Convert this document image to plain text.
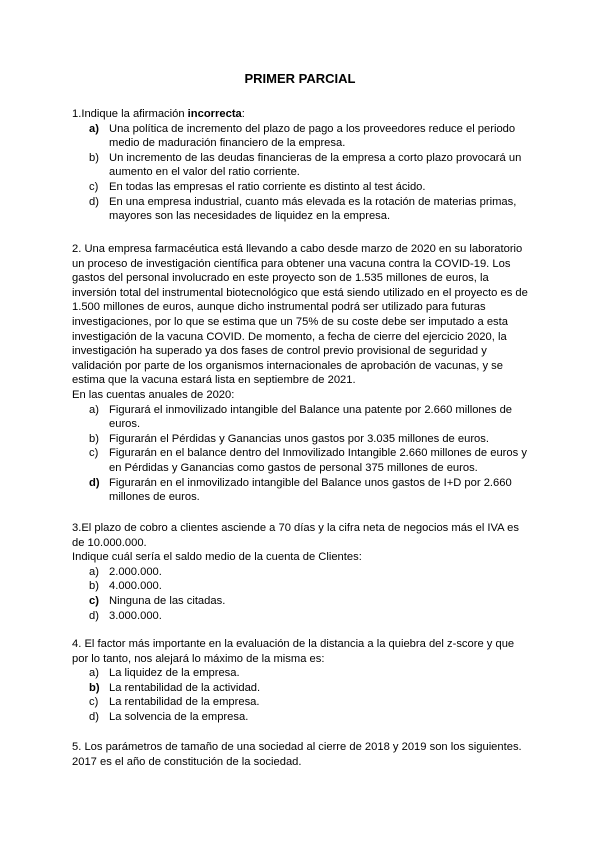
PRIMER PARCIAL

1.Indique la afirmación incorrecta:

a) Una política de incremento del plazo de pago a los proveedores reduce el periodo medio de maduración financiero de la empresa.
b) Un incremento de las deudas financieras de la empresa a corto plazo provocará un aumento en el valor del ratio corriente.
c) En todas las empresas el ratio corriente es distinto al test ácido.
d) En una empresa industrial, cuanto más elevada es la rotación de materias primas, mayores son las necesidades de liquidez en la empresa.

2. Una empresa farmacéutica está llevando a cabo desde marzo de 2020 en su laboratorio un proceso de investigación científica para obtener una vacuna contra la COVID-19. Los gastos del personal involucrado en este proyecto son de 1.535 millones de euros, la inversión total del instrumental biotecnológico que está siendo utilizado en el proyecto es de 1.500 millones de euros, aunque dicho instrumental podrá ser utilizado para futuras investigaciones, por lo que se estima que un 75% de su coste debe ser imputado a esta investigación de la vacuna COVID. De momento, a fecha de cierre del ejercicio 2020, la investigación ha superado ya dos fases de control previo provisional de seguridad y validación por parte de los organismos internacionales de aprobación de vacunas, y se estima que la vacuna estará lista en septiembre de 2021.

En las cuentas anuales de 2020:

a) Figurará el inmovilizado intangible del Balance una patente por 2.660 millones de euros.
b) Figurarán el Pérdidas y Ganancias unos gastos por 3.035 millones de euros.
c) Figurarán en el balance dentro del Inmovilizado Intangible 2.660 millones de euros y en Pérdidas y Ganancias como gastos de personal 375 millones de euros.
d) Figurarán en el inmovilizado intangible del Balance unos gastos de I+D por 2.660 millones de euros.

3.El plazo de cobro a clientes asciende a 70 días y la cifra neta de negocios más el IVA es de 10.000.000.

Indique cuál sería el saldo medio de la cuenta de Clientes:

a) 2.000.000.
b) 4.000.000.
c) Ninguna de las citadas.
d) 3.000.000.

4. El factor más importante en la evaluación de la distancia a la quiebra del z-score y que por lo tanto, nos alejará lo máximo de la misma es:

a) La liquidez de la empresa.
b) La rentabilidad de la actividad.
c) La rentabilidad de la empresa.
d) La solvencia de la empresa.

5. Los parámetros de tamaño de una sociedad al cierre de 2018 y 2019 son los siguientes. 2017 es el año de constitución de la sociedad.
